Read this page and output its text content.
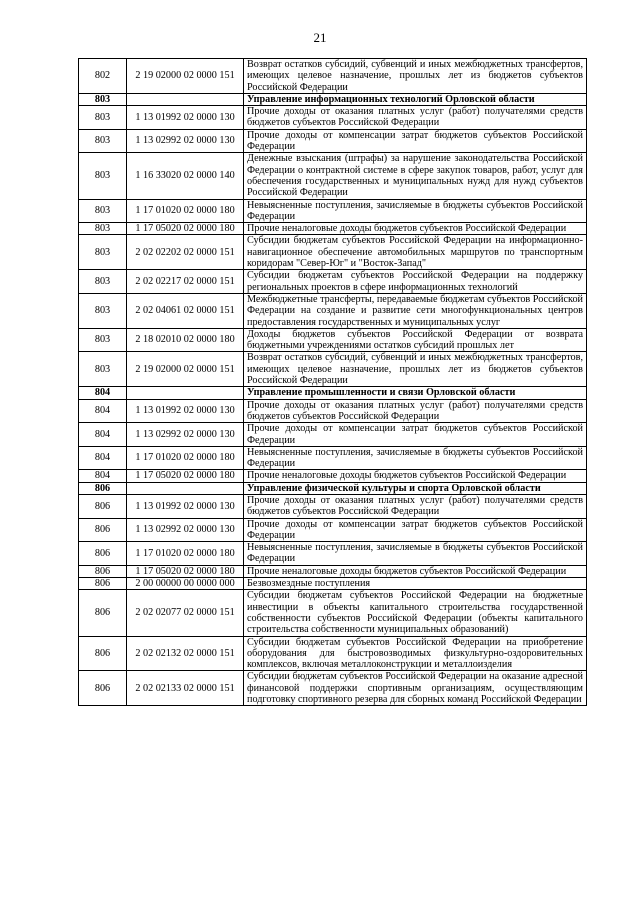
21
802	2 19 02000 02 0000 151	Возврат остатков субсидий, субвенций и иных межбюджетных трансфертов, имеющих целевое назначение, прошлых лет из бюджетов субъектов Российской Федерации
803		Управление информационных технологий Орловской области
803	1 13 01992 02 0000 130	Прочие доходы от оказания платных услуг (работ) получателями средств бюджетов субъектов Российской Федерации
803	1 13 02992 02 0000 130	Прочие доходы от компенсации затрат бюджетов субъектов Российской Федерации
803	1 16 33020 02 0000 140	Денежные взыскания (штрафы) за нарушение законодательства Российской Федерации о контрактной системе в сфере закупок товаров, работ, услуг для обеспечения государственных и муниципальных нужд для нужд субъектов Российской Федерации
803	1 17 01020 02 0000 180	Невыясненные поступления, зачисляемые в бюджеты субъектов Российской Федерации
803	1 17 05020 02 0000 180	Прочие неналоговые доходы бюджетов субъектов Российской Федерации
803	2 02 02202 02 0000 151	Субсидии бюджетам субъектов Российской Федерации на информационно-навигационное обеспечение автомобильных маршрутов по транспортным коридорам "Север-Юг" и "Восток-Запад"
803	2 02 02217 02 0000 151	Субсидии бюджетам субъектов Российской Федерации на поддержку региональных проектов в сфере информационных технологий
803	2 02 04061 02 0000 151	Межбюджетные трансферты, передаваемые бюджетам субъектов Российской Федерации на создание и развитие сети многофункциональных центров предоставления государственных и муниципальных услуг
803	2 18 02010 02 0000 180	Доходы бюджетов субъектов Российской Федерации от возврата бюджетными учреждениями остатков субсидий прошлых лет
803	2 19 02000 02 0000 151	Возврат остатков субсидий, субвенций и иных межбюджетных трансфертов, имеющих целевое назначение, прошлых лет из бюджетов субъектов Российской Федерации
804		Управление промышленности и связи Орловской области
804	1 13 01992 02 0000 130	Прочие доходы от оказания платных услуг (работ) получателями средств бюджетов субъектов Российской Федерации
804	1 13 02992 02 0000 130	Прочие доходы от компенсации затрат бюджетов субъектов Российской Федерации
804	1 17 01020 02 0000 180	Невыясненные поступления, зачисляемые в бюджеты субъектов Российской Федерации
804	1 17 05020 02 0000 180	Прочие неналоговые доходы бюджетов субъектов Российской Федерации
806		Управление физической культуры и спорта Орловской области
806	1 13 01992 02 0000 130	Прочие доходы от оказания платных услуг (работ) получателями средств бюджетов субъектов Российской Федерации
806	1 13 02992 02 0000 130	Прочие доходы от компенсации затрат бюджетов субъектов Российской Федерации
806	1 17 01020 02 0000 180	Невыясненные поступления, зачисляемые в бюджеты субъектов Российской Федерации
806	1 17 05020 02 0000 180	Прочие неналоговые доходы бюджетов субъектов Российской Федерации
806	2 00 00000 00 0000 000	Безвозмездные поступления
806	2 02 02077 02 0000 151	Субсидии бюджетам субъектов Российской Федерации на бюджетные инвестиции в объекты капитального строительства государственной собственности субъектов Российской Федерации (объекты капитального строительства собственности муниципальных образований)
806	2 02 02132 02 0000 151	Субсидии бюджетам субъектов Российской Федерации на приобретение оборудования для быстровозводимых физкультурно-оздоровительных комплексов, включая металлоконструкции и металлоизделия
806	2 02 02133 02 0000 151	Субсидии бюджетам субъектов Российской Федерации на оказание адресной финансовой поддержки спортивным организациям, осуществляющим подготовку спортивного резерва для сборных команд Российской Федерации
